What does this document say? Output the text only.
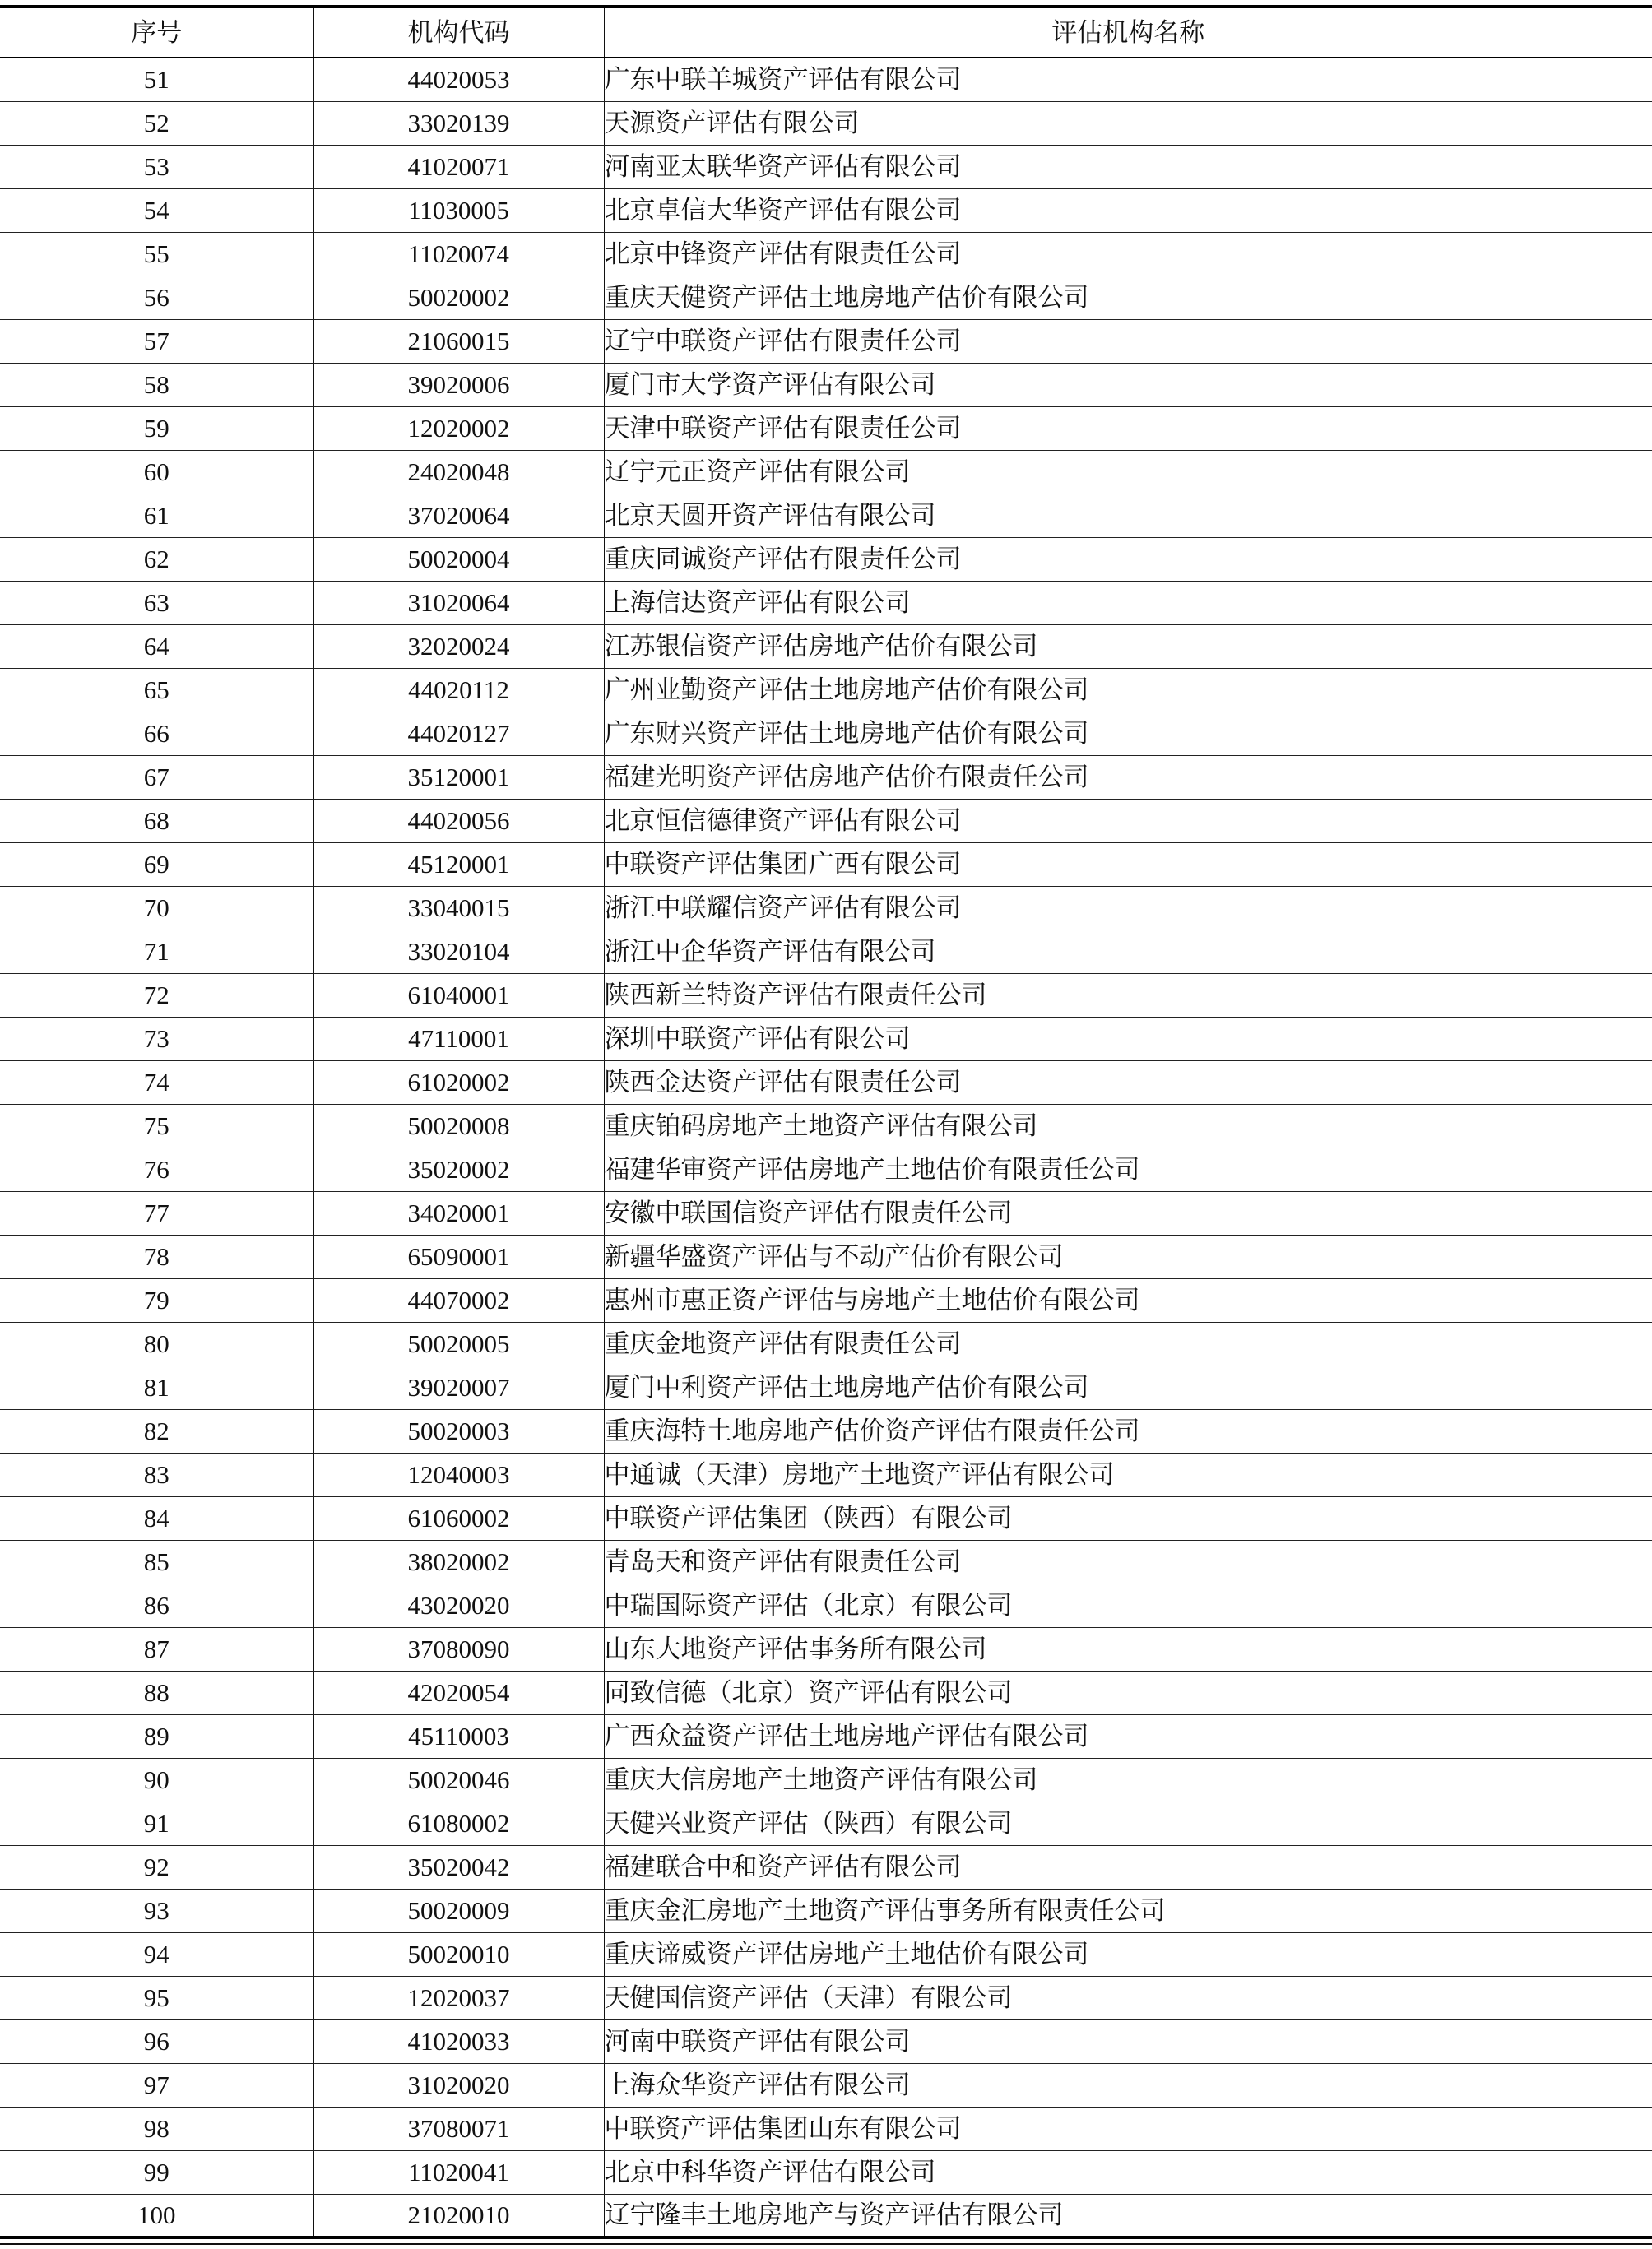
序号	机构代码	评估机构名称
51	44020053	广东中联羊城资产评估有限公司
52	33020139	天源资产评估有限公司
53	41020071	河南亚太联华资产评估有限公司
54	11030005	北京卓信大华资产评估有限公司
55	11020074	北京中锋资产评估有限责任公司
56	50020002	重庆天健资产评估土地房地产估价有限公司
57	21060015	辽宁中联资产评估有限责任公司
58	39020006	厦门市大学资产评估有限公司
59	12020002	天津中联资产评估有限责任公司
60	24020048	辽宁元正资产评估有限公司
61	37020064	北京天圆开资产评估有限公司
62	50020004	重庆同诚资产评估有限责任公司
63	31020064	上海信达资产评估有限公司
64	32020024	江苏银信资产评估房地产估价有限公司
65	44020112	广州业勤资产评估土地房地产估价有限公司
66	44020127	广东财兴资产评估土地房地产估价有限公司
67	35120001	福建光明资产评估房地产估价有限责任公司
68	44020056	北京恒信德律资产评估有限公司
69	45120001	中联资产评估集团广西有限公司
70	33040015	浙江中联耀信资产评估有限公司
71	33020104	浙江中企华资产评估有限公司
72	61040001	陕西新兰特资产评估有限责任公司
73	47110001	深圳中联资产评估有限公司
74	61020002	陕西金达资产评估有限责任公司
75	50020008	重庆铂码房地产土地资产评估有限公司
76	35020002	福建华审资产评估房地产土地估价有限责任公司
77	34020001	安徽中联国信资产评估有限责任公司
78	65090001	新疆华盛资产评估与不动产估价有限公司
79	44070002	惠州市惠正资产评估与房地产土地估价有限公司
80	50020005	重庆金地资产评估有限责任公司
81	39020007	厦门中利资产评估土地房地产估价有限公司
82	50020003	重庆海特土地房地产估价资产评估有限责任公司
83	12040003	中通诚（天津）房地产土地资产评估有限公司
84	61060002	中联资产评估集团（陕西）有限公司
85	38020002	青岛天和资产评估有限责任公司
86	43020020	中瑞国际资产评估（北京）有限公司
87	37080090	山东大地资产评估事务所有限公司
88	42020054	同致信德（北京）资产评估有限公司
89	45110003	广西众益资产评估土地房地产评估有限公司
90	50020046	重庆大信房地产土地资产评估有限公司
91	61080002	天健兴业资产评估（陕西）有限公司
92	35020042	福建联合中和资产评估有限公司
93	50020009	重庆金汇房地产土地资产评估事务所有限责任公司
94	50020010	重庆谛威资产评估房地产土地估价有限公司
95	12020037	天健国信资产评估（天津）有限公司
96	41020033	河南中联资产评估有限公司
97	31020020	上海众华资产评估有限公司
98	37080071	中联资产评估集团山东有限公司
99	11020041	北京中科华资产评估有限公司
100	21020010	辽宁隆丰土地房地产与资产评估有限公司
